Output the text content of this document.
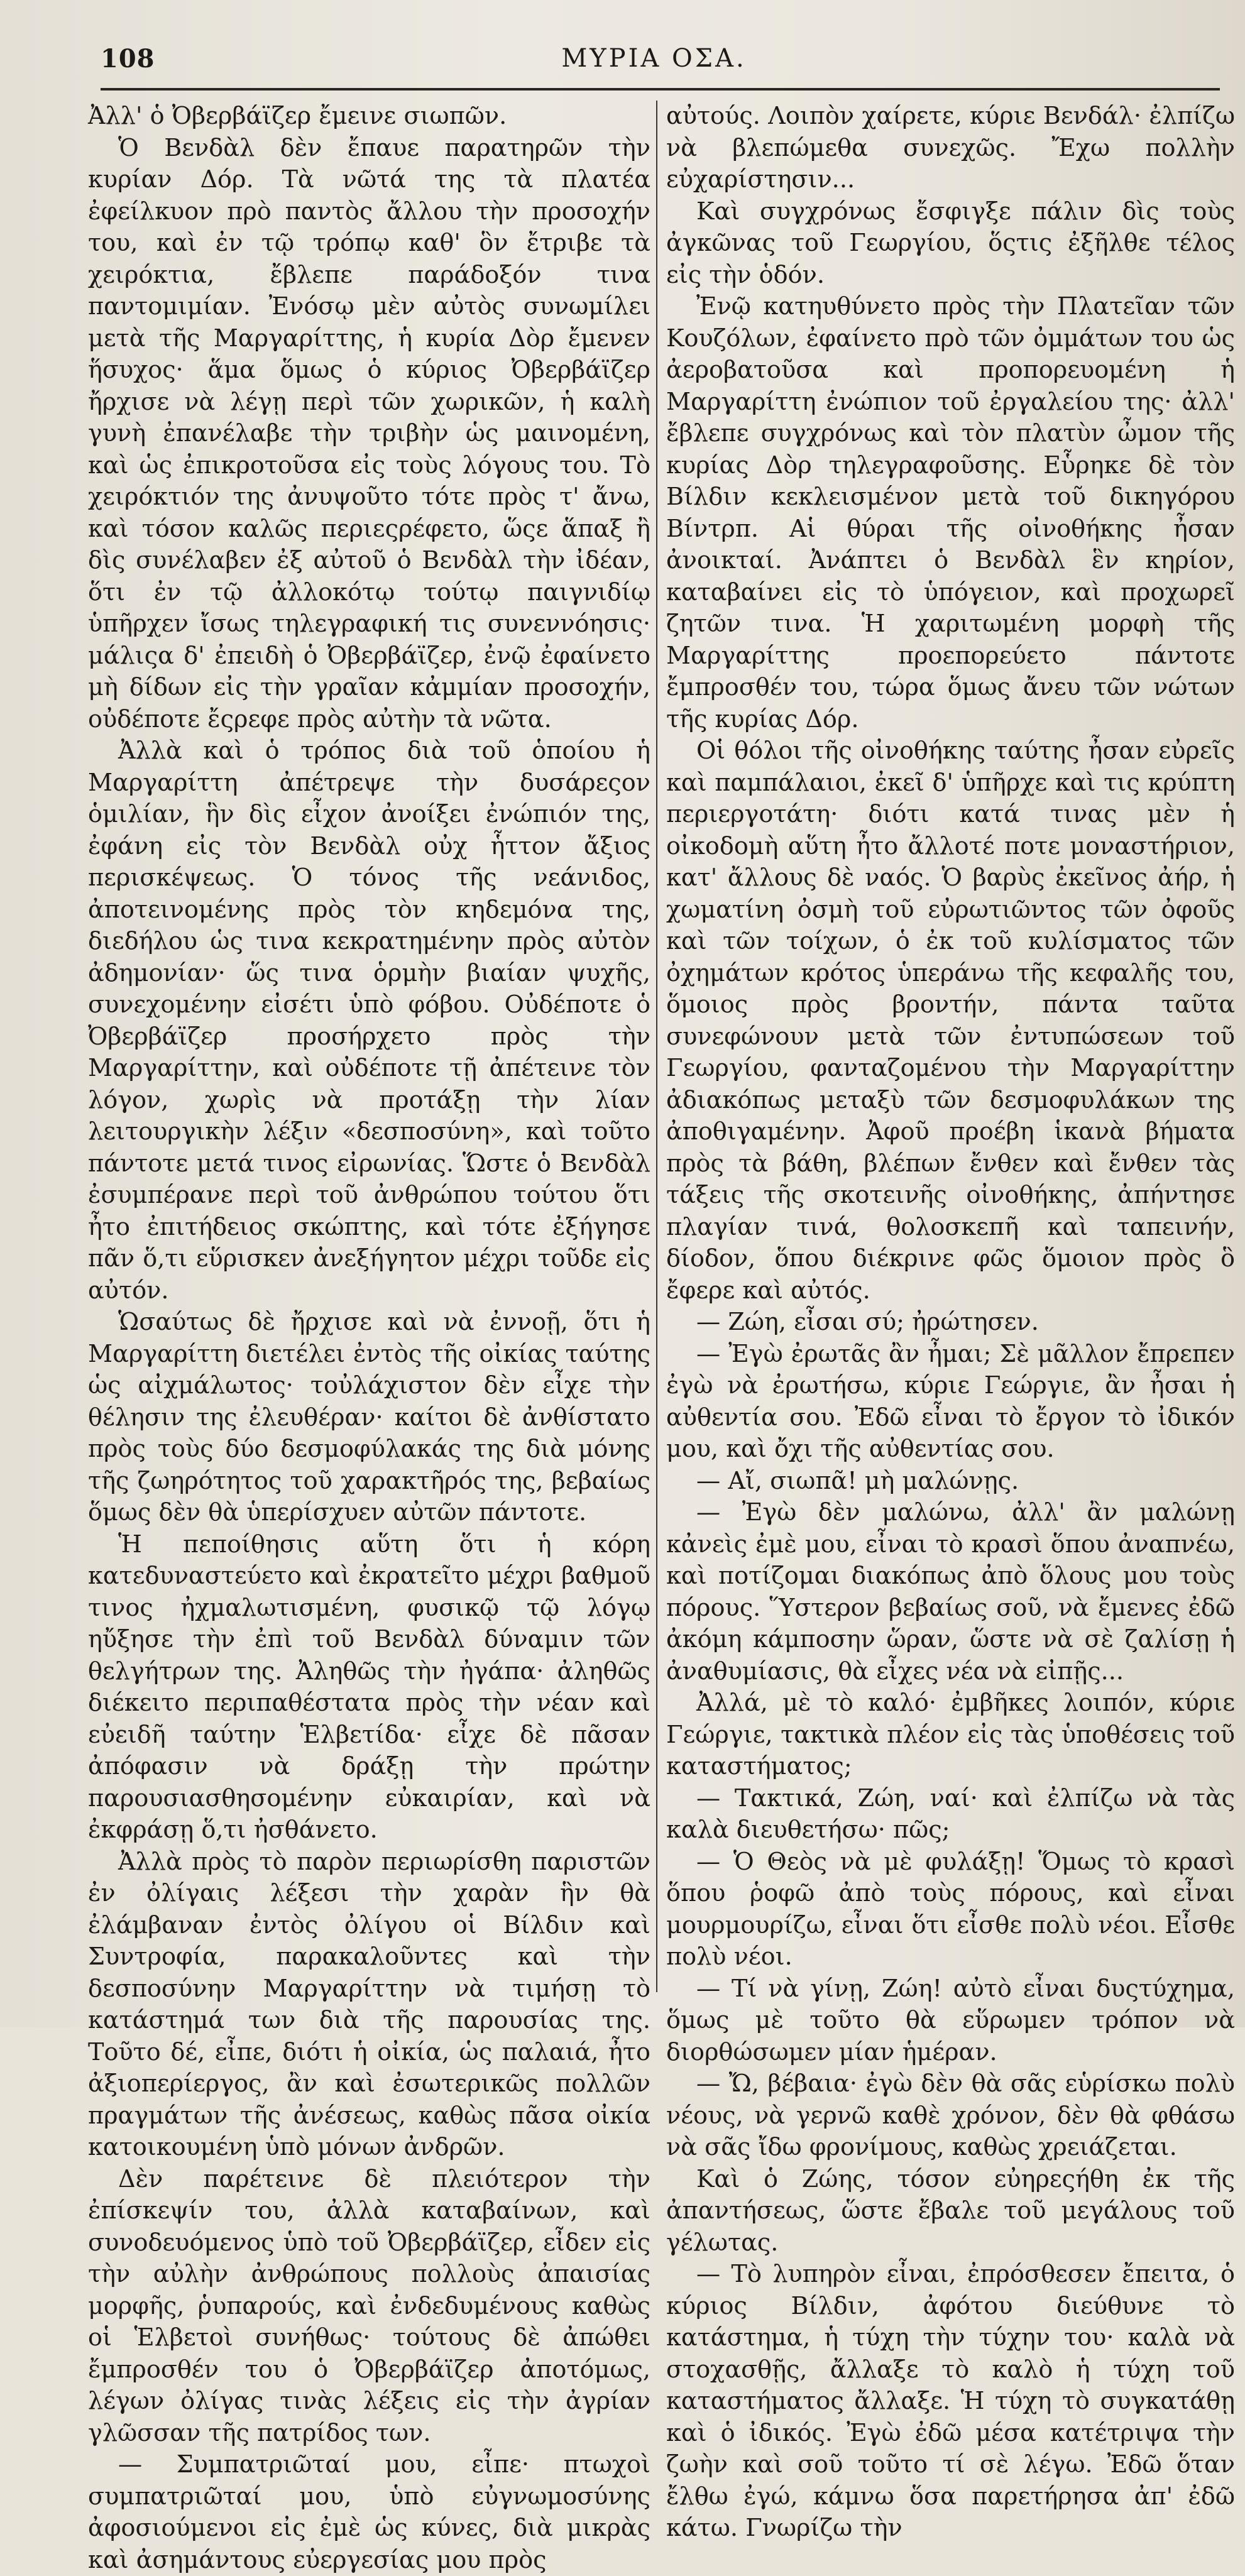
108	ΜΥΡΙΑ ΟΣΑ.

Ἀλλ' ὁ Ὀβερβάϊζερ ἔμεινε σιωπῶν.

Ὁ Βενδὰλ δὲν ἔπαυε παρατηρῶν τὴν κυρίαν Δόρ. Τὰ νῶτά της τὰ πλατέα ἐφείλκυον πρὸ παντὸς ἄλλου τὴν προσοχήν του, καὶ ἐν τῷ τρόπῳ καθ' ὃν ἔτριβε τὰ χειρόκτια, ἔβλεπε παράδοξόν τινα παντομιμίαν. Ἐνόσῳ μὲν αὐτὸς συνωμίλει μετὰ τῆς Μαργαρίττης, ἡ κυρία Δὸρ ἔμενεν ἥσυχος· ἅμα ὅμως ὁ κύριος Ὀβερβάϊζερ ἤρχισε νὰ λέγῃ περὶ τῶν χωρικῶν, ἡ καλὴ γυνὴ ἐπανέλαβε τὴν τριβὴν ὡς μαινομένη, καὶ ὡς ἐπικροτοῦσα εἰς τοὺς λόγους του. Τὸ χειρόκτιόν της ἀνυψοῦτο τότε πρὸς τ' ἄνω, καὶ τόσον καλῶς περιεςρέφετο, ὥςε ἅπαξ ἢ δὶς συνέλαβεν ἐξ αὐτοῦ ὁ Βενδὰλ τὴν ἰδέαν, ὅτι ἐν τῷ ἀλλοκότῳ τούτῳ παιγνιδίῳ ὑπῆρχεν ἴσως τηλεγραφική τις συνεννόησις· μάλιςα δ' ἐπειδὴ ὁ Ὀβερβάϊζερ, ἐνῷ ἐφαίνετο μὴ δίδων εἰς τὴν γραῖαν κἀμμίαν προσοχήν, οὐδέποτε ἔςρεφε πρὸς αὐτὴν τὰ νῶτα.

Ἀλλὰ καὶ ὁ τρόπος διὰ τοῦ ὁποίου ἡ Μαργαρίττη ἀπέτρεψε τὴν δυσάρεςον ὁμιλίαν, ἣν δὶς εἶχον ἀνοίξει ἐνώπιόν της, ἐφάνη εἰς τὸν Βενδὰλ οὐχ ἧττον ἄξιος περισκέψεως. Ὁ τόνος τῆς νεάνιδος, ἀποτεινομένης πρὸς τὸν κηδεμόνα της, διεδήλου ὡς τινα κεκρατημένην πρὸς αὐτὸν ἀδημονίαν· ὥς τινα ὁρμὴν βιαίαν ψυχῆς, συνεχομένην εἰσέτι ὑπὸ φόβου. Οὐδέποτε ὁ Ὀβερβάϊζερ προσήρχετο πρὸς τὴν Μαργαρίττην, καὶ οὐδέποτε τῇ ἀπέτεινε τὸν λόγον, χωρὶς νὰ προτάξῃ τὴν λίαν λειτουργικὴν λέξιν «δεσποσύνη», καὶ τοῦτο πάντοτε μετά τινος εἰρωνίας. Ὥστε ὁ Βενδὰλ ἐσυμπέρανε περὶ τοῦ ἀνθρώπου τούτου ὅτι ἦτο ἐπιτήδειος σκώπτης, καὶ τότε ἐξήγησε πᾶν ὅ,τι εὕρισκεν ἀνεξήγητον μέχρι τοῦδε εἰς αὐτόν.

Ὡσαύτως δὲ ἤρχισε καὶ νὰ ἐννοῇ, ὅτι ἡ Μαργαρίττη διετέλει ἐντὸς τῆς οἰκίας ταύτης ὡς αἰχμάλωτος· τοὐλάχιστον δὲν εἶχε τὴν θέλησιν της ἐλευθέραν· καίτοι δὲ ἀνθίστατο πρὸς τοὺς δύο δεσμοφύλακάς της διὰ μόνης τῆς ζωηρότητος τοῦ χαρακτῆρός της, βεβαίως ὅμως δὲν θὰ ὑπερίσχυεν αὐτῶν πάντοτε.

Ἡ πεποίθησις αὕτη ὅτι ἡ κόρη κατεδυναστεύετο καὶ ἐκρατεῖτο μέχρι βαθμοῦ τινος ἠχμαλωτισμένη, φυσικῷ τῷ λόγῳ ηὔξησε τὴν ἐπὶ τοῦ Βενδὰλ δύναμιν τῶν θελγήτρων της. Ἀληθῶς τὴν ἠγάπα· ἀληθῶς διέκειτο περιπαθέστατα πρὸς τὴν νέαν καὶ εὐειδῆ ταύτην Ἑλβετίδα· εἶχε δὲ πᾶσαν ἀπόφασιν νὰ δράξῃ τὴν πρώτην παρουσιασθησομένην εὐκαιρίαν, καὶ νὰ ἐκφράσῃ ὅ,τι ἠσθάνετο.

Ἀλλὰ πρὸς τὸ παρὸν περιωρίσθη παριστῶν ἐν ὀλίγαις λέξεσι τὴν χαρὰν ἣν θὰ ἐλάμβαναν ἐντὸς ὀλίγου οἱ Βίλδιν καὶ Συντροφία, παρακαλοῦντες καὶ τὴν δεσποσύνην Μαργαρίττην νὰ τιμήσῃ τὸ κατάστημά των διὰ τῆς παρουσίας της. Τοῦτο δέ, εἶπε, διότι ἡ οἰκία, ὡς παλαιά, ἦτο ἀξιοπερίεργος, ἂν καὶ ἐσωτερικῶς πολλῶν πραγμάτων τῆς ἀνέσεως, καθὼς πᾶσα οἰκία κατοικουμένη ὑπὸ μόνων ἀνδρῶν.

Δὲν παρέτεινε δὲ πλειότερον τὴν ἐπίσκεψίν του, ἀλλὰ καταβαίνων, καὶ συνοδευόμενος ὑπὸ τοῦ Ὀβερβάϊζερ, εἶδεν εἰς τὴν αὐλὴν ἀνθρώπους πολλοὺς ἀπαισίας μορφῆς, ῥυπαρούς, καὶ ἐνδεδυμένους καθὼς οἱ Ἑλβετοὶ συνήθως· τούτους δὲ ἀπώθει ἔμπροσθέν του ὁ Ὀβερβάϊζερ ἀποτόμως, λέγων ὀλίγας τινὰς λέξεις εἰς τὴν ἀγρίαν γλῶσσαν τῆς πατρίδος των.

— Συμπατριῶταί μου, εἶπε· πτωχοὶ συμπατριῶταί μου, ὑπὸ εὐγνωμοσύνης ἀφοσιούμενοι εἰς ἐμὲ ὡς κύνες, διὰ μικρὰς καὶ ἀσημάντους εὐεργεσίας μου πρὸς

αὐτούς. Λοιπὸν χαίρετε, κύριε Βενδάλ· ἐλπίζω νὰ βλεπώμεθα συνεχῶς. Ἔχω πολλὴν εὐχαρίστησιν...

Καὶ συγχρόνως ἔσφιγξε πάλιν δὶς τοὺς ἀγκῶνας τοῦ Γεωργίου, ὅςτις ἐξῆλθε τέλος εἰς τὴν ὁδόν.

Ἐνῷ κατηυθύνετο πρὸς τὴν Πλατεῖαν τῶν Κουζόλων, ἐφαίνετο πρὸ τῶν ὀμμάτων του ὡς ἀεροβατοῦσα καὶ προπορευομένη ἡ Μαργαρίττη ἐνώπιον τοῦ ἐργαλείου της· ἀλλ' ἔβλεπε συγχρόνως καὶ τὸν πλατὺν ὦμον τῆς κυρίας Δὸρ τηλεγραφοῦσης. Εὗρηκε δὲ τὸν Βίλδιν κεκλεισμένον μετὰ τοῦ δικηγόρου Βίντρπ. Αἱ θύραι τῆς οἰνοθήκης ἦσαν ἀνοικταί. Ἀνάπτει ὁ Βενδὰλ ἓν κηρίον, καταβαίνει εἰς τὸ ὑπόγειον, καὶ προχωρεῖ ζητῶν τινα. Ἡ χαριτωμένη μορφὴ τῆς Μαργαρίττης προεπορεύετο πάντοτε ἔμπροσθέν του, τώρα ὅμως ἄνευ τῶν νώτων τῆς κυρίας Δόρ.

Οἱ θόλοι τῆς οἰνοθήκης ταύτης ἦσαν εὐρεῖς καὶ παμπάλαιοι, ἐκεῖ δ' ὑπῆρχε καὶ τις κρύπτη περιεργοτάτη· διότι κατά τινας μὲν ἡ οἰκοδομὴ αὕτη ἦτο ἄλλοτέ ποτε μοναστήριον, κατ' ἄλλους δὲ ναός. Ὁ βαρὺς ἐκεῖνος ἀήρ, ἡ χωματίνη ὀσμὴ τοῦ εὐρωτιῶντος τῶν ὀφοῦς καὶ τῶν τοίχων, ὁ ἐκ τοῦ κυλίσματος τῶν ὀχημάτων κρότος ὑπεράνω τῆς κεφαλῆς του, ὅμοιος πρὸς βροντήν, πάντα ταῦτα συνεφώνουν μετὰ τῶν ἐντυπώσεων τοῦ Γεωργίου, φανταζομένου τὴν Μαργαρίττην ἀδιακόπως μεταξὺ τῶν δεσμοφυλάκων της ἀποθιγαμένην. Ἀφοῦ προέβη ἱκανὰ βήματα πρὸς τὰ βάθη, βλέπων ἔνθεν καὶ ἔνθεν τὰς τάξεις τῆς σκοτεινῆς οἰνοθήκης, ἀπήντησε πλαγίαν τινά, θολοσκεπῆ καὶ ταπεινήν, δίοδον, ὅπου διέκρινε φῶς ὅμοιον πρὸς ὃ ἔφερε καὶ αὐτός.

— Ζώη, εἶσαι σύ; ἠρώτησεν.

— Ἐγὼ ἐρωτᾶς ἂν ἦμαι; Σὲ μᾶλλον ἔπρεπεν ἐγὼ νὰ ἐρωτήσω, κύριε Γεώργιε, ἂν ἦσαι ἡ αὐθεντία σου. Ἐδῶ εἶναι τὸ ἔργον τὸ ἰδικόν μου, καὶ ὄχι τῆς αὐθεντίας σου.

— Αἴ, σιωπᾶ! μὴ μαλώνῃς.

— Ἐγὼ δὲν μαλώνω, ἀλλ' ἂν μαλώνῃ κἀνεὶς ἐμὲ μου, εἶναι τὸ κρασὶ ὅπου ἀναπνέω, καὶ ποτίζομαι διακόπως ἀπὸ ὅλους μου τοὺς πόρους. Ὕστερον βεβαίως σοῦ, νὰ ἔμενες ἐδῶ ἀκόμη κάμποσην ὥραν, ὥστε νὰ σὲ ζαλίσῃ ἡ ἀναθυμίασις, θὰ εἶχες νέα νὰ εἰπῇς...

Ἀλλά, μὲ τὸ καλό· ἐμβῆκες λοιπόν, κύριε Γεώργιε, τακτικὰ πλέον εἰς τὰς ὑποθέσεις τοῦ καταστήματος;

— Τακτικά, Ζώη, ναί· καὶ ἐλπίζω νὰ τὰς καλὰ διευθετήσω· πῶς;

— Ὁ Θεὸς νὰ μὲ φυλάξῃ! Ὅμως τὸ κρασὶ ὅπου ῥοφῶ ἀπὸ τοὺς πόρους, καὶ εἶναι μουρμουρίζω, εἶναι ὅτι εἶσθε πολὺ νέοι. Εἶσθε πολὺ νέοι.

— Τί νὰ γίνῃ, Ζώη! αὐτὸ εἶναι δυςτύχημα, ὅμως μὲ τοῦτο θὰ εὕρωμεν τρόπον νὰ διορθώσωμεν μίαν ἡμέραν.

— Ὤ, βέβαια· ἐγὼ δὲν θὰ σᾶς εὑρίσκω πολὺ νέους, νὰ γερνῶ καθὲ χρόνον, δὲν θὰ φθάσω νὰ σᾶς ἴδω φρονίμους, καθὼς χρειάζεται.

Καὶ ὁ Ζώης, τόσον εὐηρεςήθη ἐκ τῆς ἀπαντήσεως, ὥστε ἔβαλε τοῦ μεγάλους τοῦ γέλωτας.

— Τὸ λυπηρὸν εἶναι, ἐπρόσθεσεν ἔπειτα, ὁ κύριος Βίλδιν, ἀφότου διεύθυνε τὸ κατάστημα, ἡ τύχη τὴν τύχην του· καλὰ νὰ στοχασθῇς, ἄλλαξε τὸ καλὸ ἡ τύχη τοῦ καταστήματος ἄλλαξε. Ἡ τύχη τὸ συγκατάθῃ καὶ ὁ ἰδικός. Ἐγὼ ἐδῶ μέσα κατέτριψα τὴν ζωὴν καὶ σοῦ τοῦτο τί σὲ λέγω. Ἐδῶ ὅταν ἔλθω ἐγώ, κάμνω ὅσα παρετήρησα ἀπ' ἐδῶ κάτω. Γνωρίζω τὴν
